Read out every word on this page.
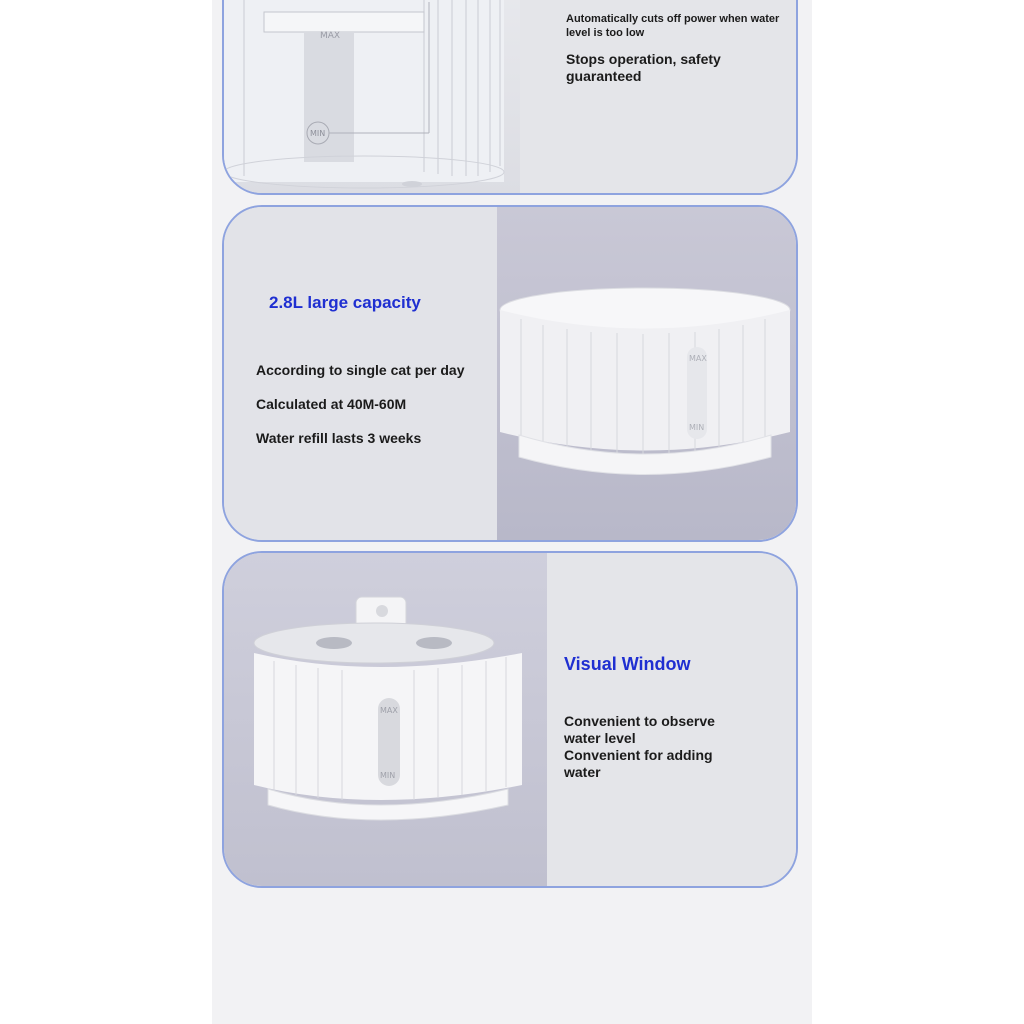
MAX
MIN
Automatically cuts off power when water level is too low
Stops operation, safety guaranteed
2.8L large capacity
According to single cat per day
Calculated at 40M-60M
Water refill lasts 3 weeks
MAX
MIN
MAX
MIN
Visual Window
Convenient to observe water level
Convenient for adding water
